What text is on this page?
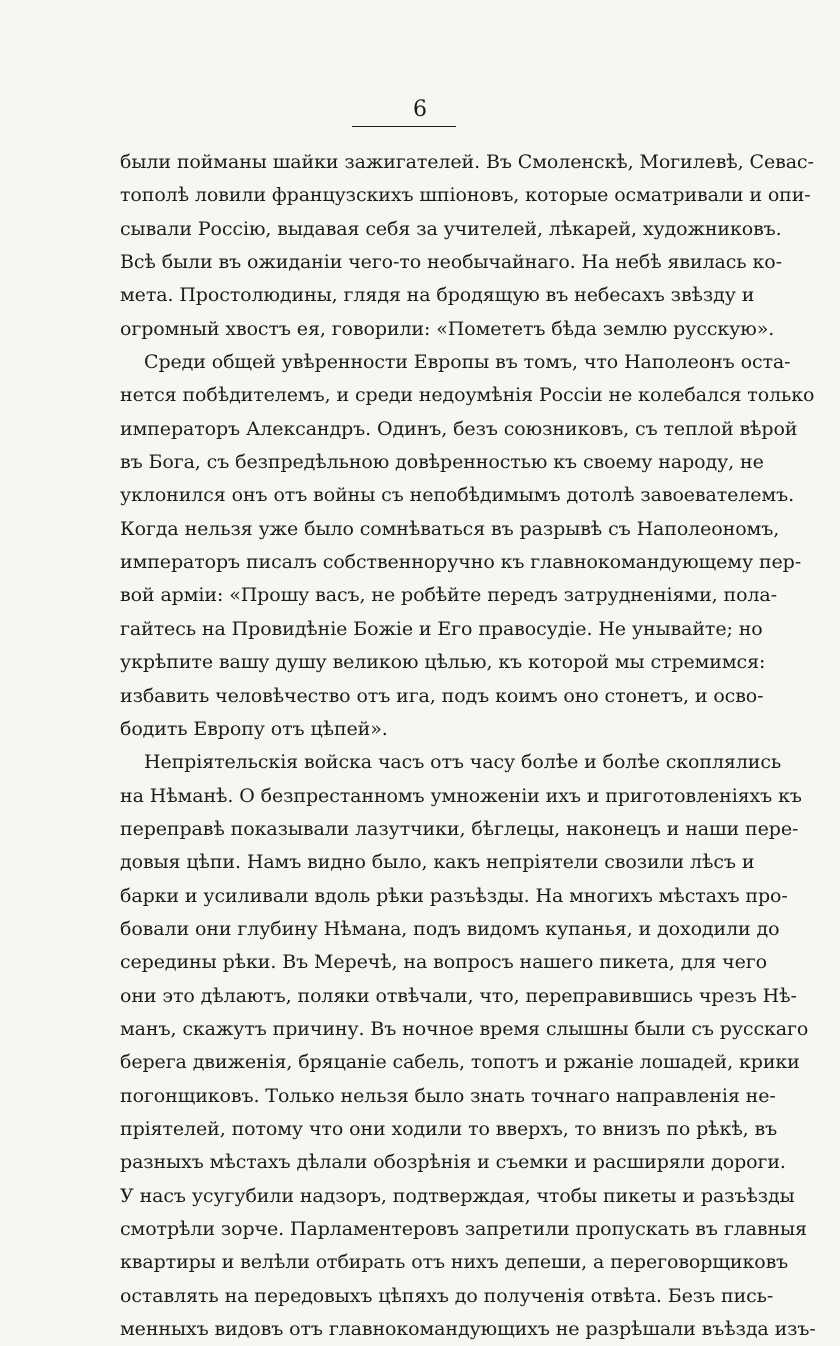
6
были пойманы шайки зажигателей. Въ Смоленскѣ, Могилевѣ, Севас-
тополѣ ловили французскихъ шпіоновъ, которые осматривали и опи-
сывали Россію, выдавая себя за учителей, лѣкарей, художниковъ.
Всѣ были въ ожиданіи чего-то необычайнаго. На небѣ явилась ко-
мета. Простолюдины, глядя на бродящую въ небесахъ звѣзду и
огромный хвостъ ея, говорили: «Помететъ бѣда землю русскую».
Среди общей увѣренности Европы въ томъ, что Наполеонъ оста-
нется побѣдителемъ, и среди недоумѣнія Россіи не колебался только
императоръ Александръ. Одинъ, безъ союзниковъ, съ теплой вѣрой
въ Бога, съ безпредѣльною довѣренностью къ своему народу, не
уклонился онъ отъ войны съ непобѣдимымъ дотолѣ завоевателемъ.
Когда нельзя уже было сомнѣваться въ разрывѣ съ Наполеономъ,
императоръ писалъ собственноручно къ главнокомандующему пер-
вой арміи: «Прошу васъ, не робѣйте передъ затрудненіями, пола-
гайтесь на Провидѣніе Божіе и Его правосудіе. Не унывайте; но
укрѣпите вашу душу великою цѣлью, къ которой мы стремимся:
избавить человѣчество отъ ига, подъ коимъ оно стонетъ, и осво-
бодить Европу отъ цѣпей».
Непріятельскія войска часъ отъ часу болѣе и болѣе скоплялись
на Нѣманѣ. О безпрестанномъ умноженіи ихъ и приготовленіяхъ къ
переправѣ показывали лазутчики, бѣглецы, наконецъ и наши пере-
довыя цѣпи. Намъ видно было, какъ непріятели свозили лѣсъ и
барки и усиливали вдоль рѣки разъѣзды. На многихъ мѣстахъ про-
бовали они глубину Нѣмана, подъ видомъ купанья, и доходили до
середины рѣки. Въ Меречѣ, на вопросъ нашего пикета, для чего
они это дѣлаютъ, поляки отвѣчали, что, переправившись чрезъ Нѣ-
манъ, скажутъ причину. Въ ночное время слышны были съ русскаго
берега движенія, бряцаніе сабель, топотъ и ржаніе лошадей, крики
погонщиковъ. Только нельзя было знать точнаго направленія не-
пріятелей, потому что они ходили то вверхъ, то внизъ по рѣкѣ, въ
разныхъ мѣстахъ дѣлали обозрѣнія и съемки и расширяли дороги.
У насъ усугубили надзоръ, подтверждая, чтобы пикеты и разъѣзды
смотрѣли зорче. Парламентеровъ запретили пропускать въ главныя
квартиры и велѣли отбирать отъ нихъ депеши, а переговорщиковъ
оставлять на передовыхъ цѣпяхъ до полученія отвѣта. Безъ пись-
менныхъ видовъ отъ главнокомандующихъ не разрѣшали въѣзда изъ-
